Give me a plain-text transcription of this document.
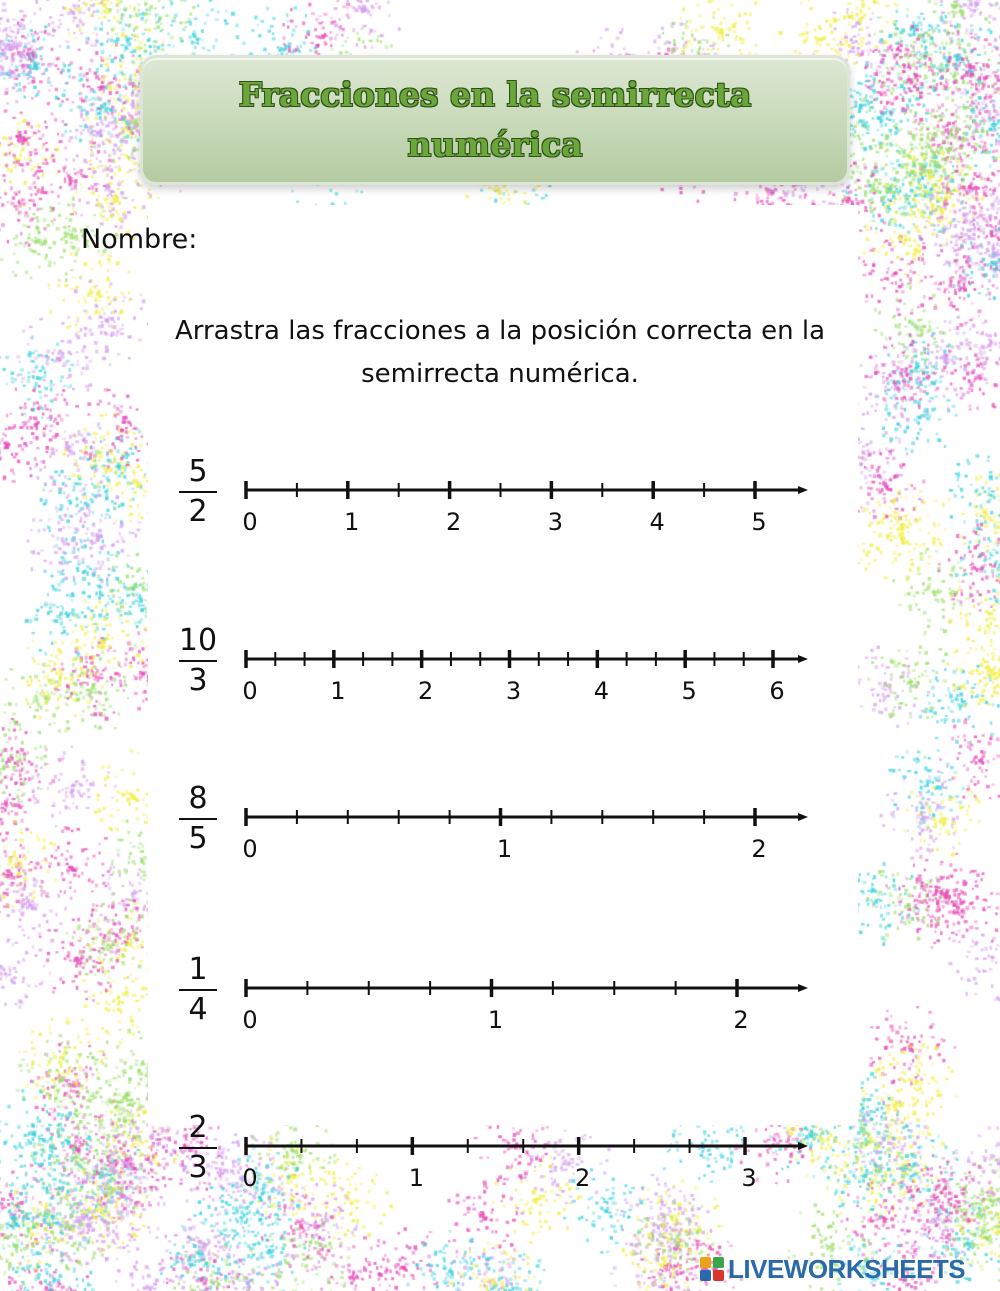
Fracciones en la semirrecta numérica
Nombre:
Arrastra las fracciones a la posición correcta en la semirrecta numérica.
5
2	0	1	2	3	4	5
10
3	0	1	2	3	4	5	6
8
5	0	1	2
1
4	0	1	2
2
3	0	1	2	3
LIVEWORKSHEETS
